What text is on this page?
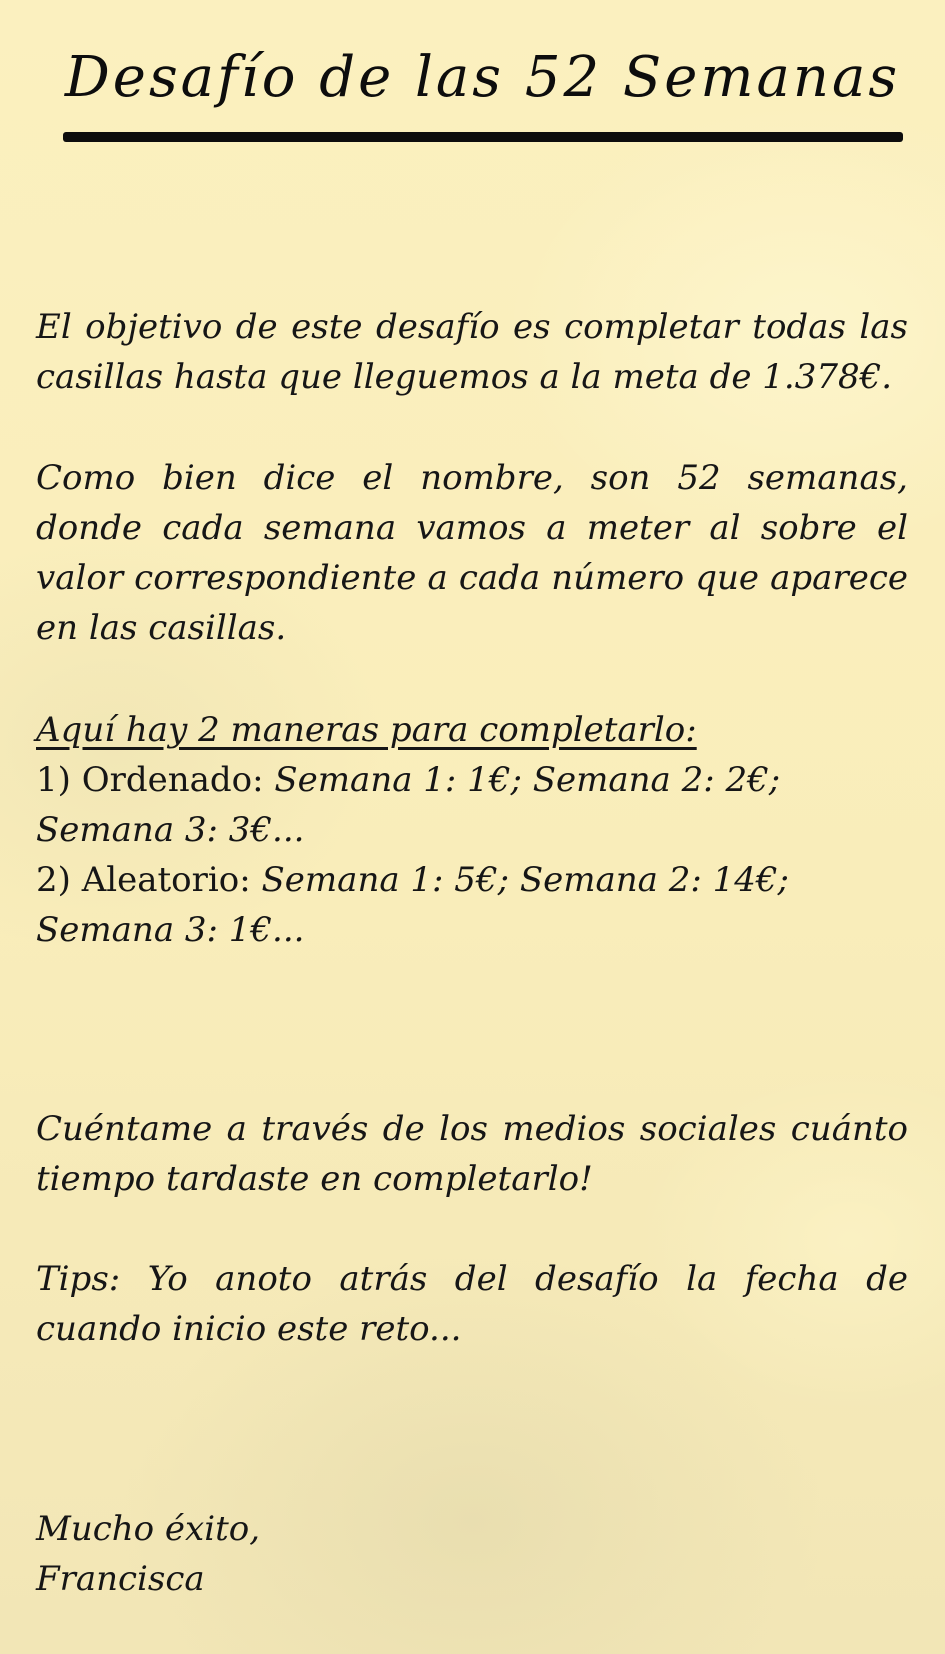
Desafío de las 52 Semanas

El objetivo de este desafío es completar todas las casillas hasta que lleguemos a la meta de 1.378€.

Como bien dice el nombre, son 52 semanas, donde cada semana vamos a meter al sobre el valor correspondiente a cada número que aparece en las casillas.

Aquí hay 2 maneras para completarlo:
1) Ordenado: Semana 1: 1€; Semana 2: 2€;
Semana 3: 3€...
2) Aleatorio: Semana 1: 5€; Semana 2: 14€;
Semana 3: 1€...

Cuéntame a través de los medios sociales cuánto tiempo tardaste en completarlo!

Tips: Yo anoto atrás del desafío la fecha de cuando inicio este reto...

Mucho éxito,
Francisca
